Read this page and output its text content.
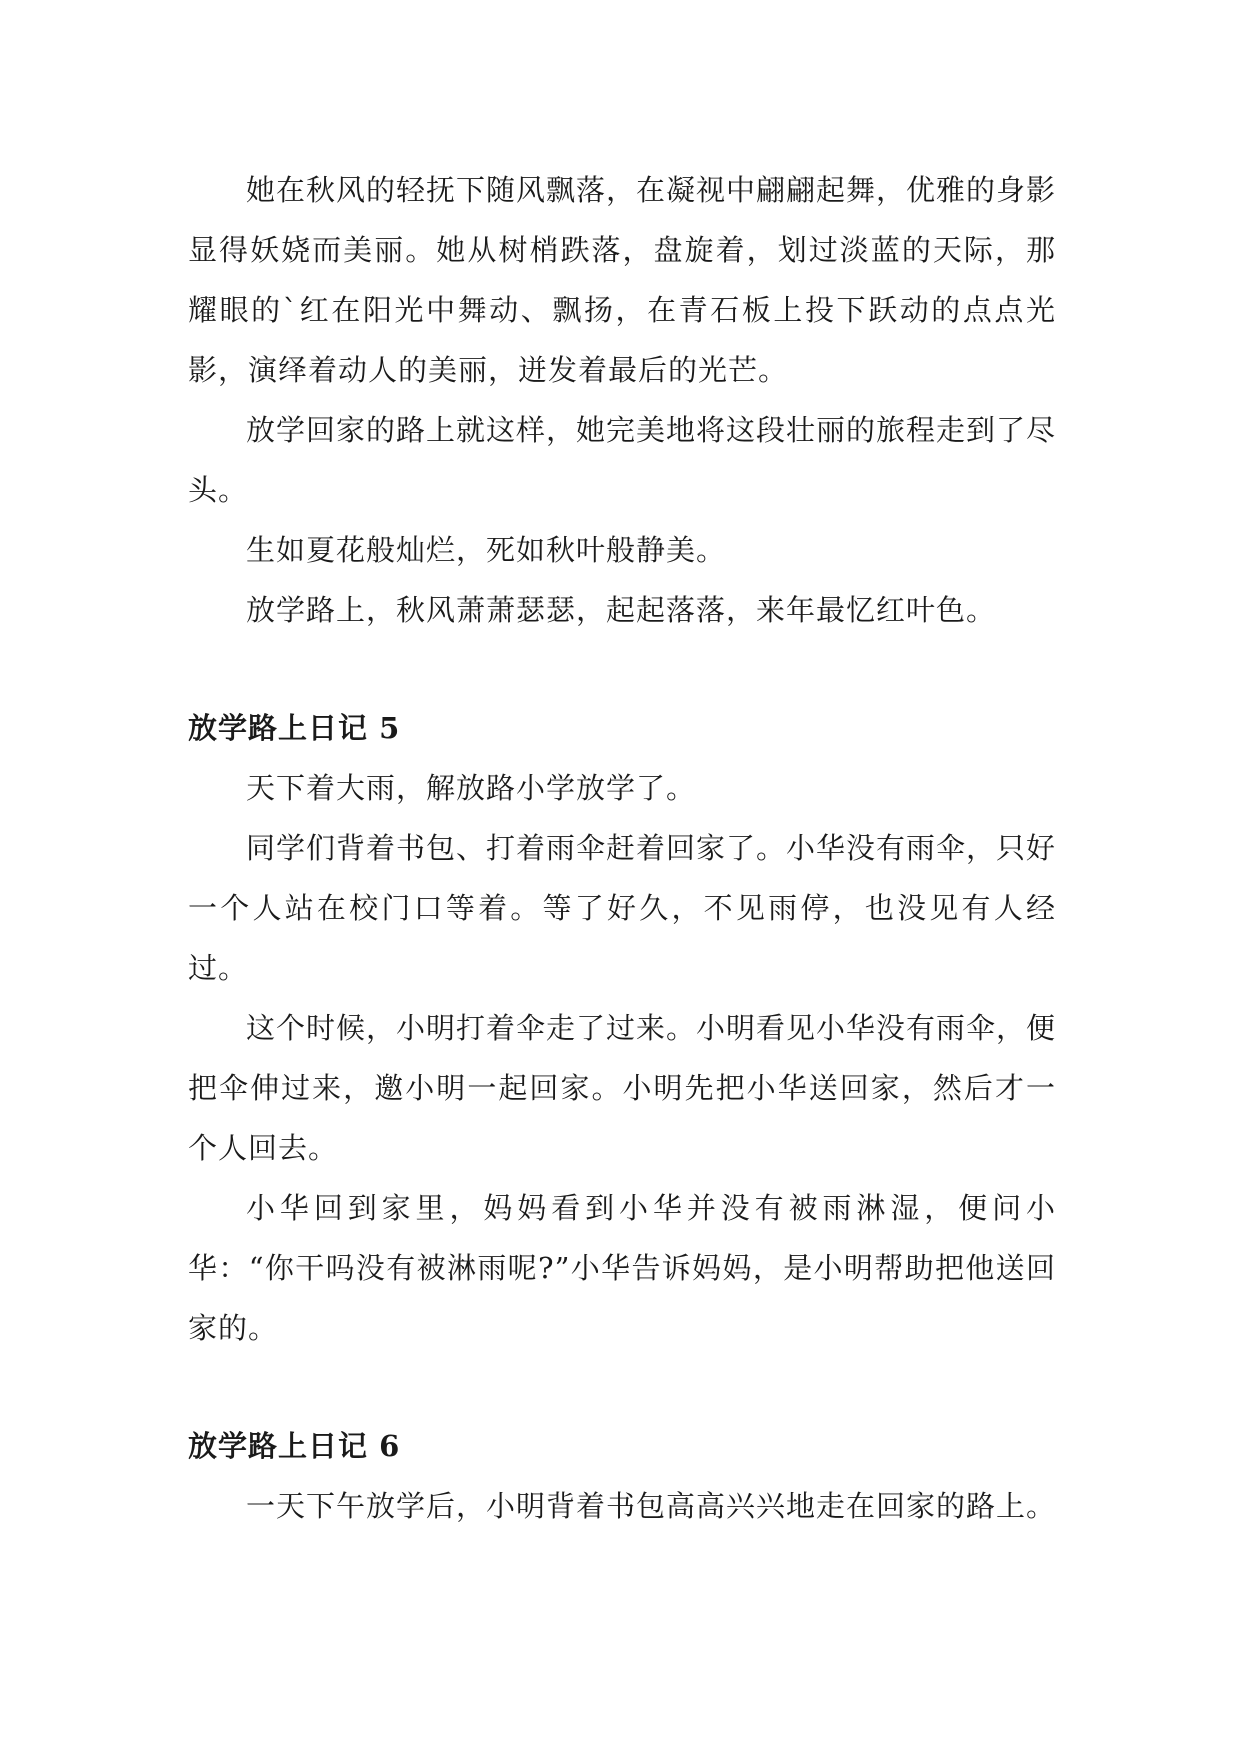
她在秋风的轻抚下随风飘落，在凝视中翩翩起舞，优雅的身影显得妖娆而美丽。她从树梢跌落，盘旋着，划过淡蓝的天际，那耀眼的`红在阳光中舞动、飘扬，在青石板上投下跃动的点点光影，演绎着动人的美丽，迸发着最后的光芒。

放学回家的路上就这样，她完美地将这段壮丽的旅程走到了尽头。

生如夏花般灿烂，死如秋叶般静美。

放学路上，秋风萧萧瑟瑟，起起落落，来年最忆红叶色。

放学路上日记 5

天下着大雨，解放路小学放学了。

同学们背着书包、打着雨伞赶着回家了。小华没有雨伞，只好一个人站在校门口等着。等了好久，不见雨停，也没见有人经过。

这个时候，小明打着伞走了过来。小明看见小华没有雨伞，便把伞伸过来，邀小明一起回家。小明先把小华送回家，然后才一个人回去。

小华回到家里，妈妈看到小华并没有被雨淋湿，便问小华：“你干吗没有被淋雨呢?”小华告诉妈妈，是小明帮助把他送回家的。

放学路上日记 6

一天下午放学后，小明背着书包高高兴兴地走在回家的路上。
